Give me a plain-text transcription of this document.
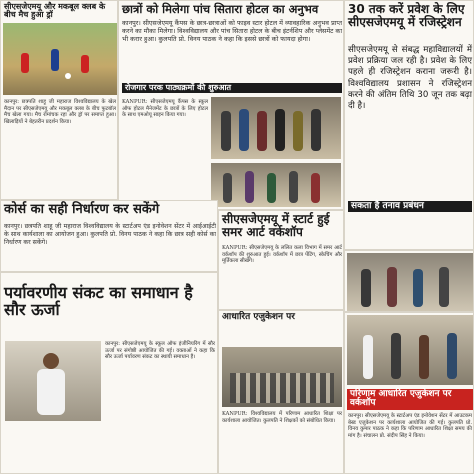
सीएसजेएमयू और मकबूल क्लब के बीच मैच हुआ ड्रॉ
कानपुर: छत्रपति शाहू जी महाराज विश्वविद्यालय के खेल मैदान पर सीएसजेएमयू और मकबूल क्लब के बीच फुटबॉल मैच खेला गया। मैच रोमांचक रहा और ड्रॉ पर समाप्त हुआ। खिलाड़ियों ने बेहतरीन प्रदर्शन किया।
छात्रों को मिलेगा पांच सितारा होटल का अनुभव
कानपुर। सीएसजेएमयू कैंपस के छात्र-छात्राओं को फाइव स्टार होटल में व्यावहारिक अनुभव प्राप्त करने का मौका मिलेगा। विश्वविद्यालय और पांच सितारा होटल के बीच इंटर्नशिप और प्लेसमेंट का भी करार हुआ। कुलपति प्रो. विनय पाठक ने कहा कि इससे छात्रों को फायदा होगा।
रोजगार परक पाठ्यक्रमों की शुरुआत
KANPUR: सीएसजेएमयू कैंपस के स्कूल ऑफ होटल मैनेजमेंट के छात्रों के लिए होटल के साथ एमओयू साइन किया गया।
30 तक करें प्रवेश के लिए सीएसजेएमयू में रजिस्ट्रेशन
सीएसजेएमयू से संबद्ध महाविद्यालयों में प्रवेश प्रक्रिया जल रही है। प्रवेश के लिए पहले ही रजिस्ट्रेशन कराना जरूरी है। विश्वविद्यालय प्रशासन ने रजिस्ट्रेशन करने की अंतिम तिथि 30 जून तक बढ़ा दी है।
सकता है तनाव प्रबंधन
कोर्स का सही निर्धारण कर सकेंगे
कानपुर। छत्रपति शाहू जी महाराज विश्वविद्यालय के स्टार्टअप एंड इनोवेशन सेंटर में आईआईटी के साथ कार्यशाला का आयोजन हुआ। कुलपति प्रो. विनय पाठक ने कहा कि छात्र सही कोर्स का निर्धारण कर सकेंगे।
सीएसजेएमयू में स्टार्ट हुई समर आर्ट वर्कशॉप
KANPUR: सीएसजेएमयू के ललित कला विभाग में समर आर्ट वर्कशॉप की शुरुआत हुई। वर्कशॉप में छात्र पेंटिंग, स्केचिंग और मूर्तिकला सीखेंगे।
पर्यावरणीय संकट का समाधान है सौर ऊर्जा
कानपुर: सीएसजेएमयू के स्कूल ऑफ इंजीनियरिंग में सौर ऊर्जा पर संगोष्ठी आयोजित की गई। वक्ताओं ने कहा कि सौर ऊर्जा पर्यावरण संकट का स्थायी समाधान है।
आधारित एजुकेशन पर
KANPUR: विश्वविद्यालय में परिणाम आधारित शिक्षा पर कार्यशाला आयोजित। कुलपति ने शिक्षकों को संबोधित किया।
परिणाम आधारित एजुकेशन पर वर्कशॉप
कानपुर। सीएसजेएमयू के स्टार्टअप एंड इनोवेशन सेंटर में आउटकम बेस्ड एजुकेशन पर कार्यशाला आयोजित की गई। कुलपति प्रो. विनय कुमार पाठक ने कहा कि परिणाम आधारित शिक्षा समय की मांग है। संचालन प्रो. संदीप सिंह ने किया।
